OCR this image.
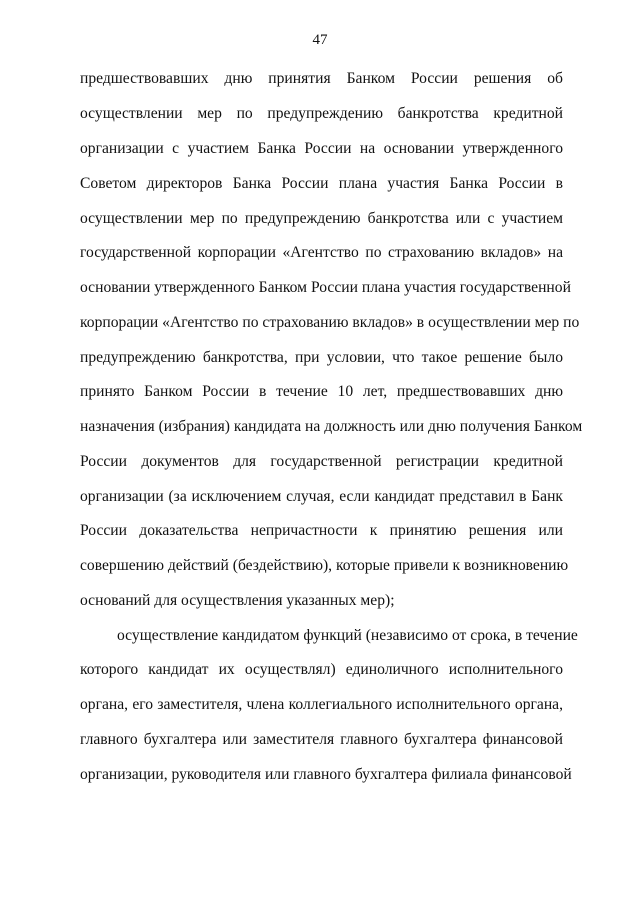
47
предшествовавших дню принятия Банком России решения об
осуществлении мер по предупреждению банкротства кредитной
организации с участием Банка России на основании утвержденного
Советом директоров Банка России плана участия Банка России в
осуществлении мер по предупреждению банкротства или с участием
государственной корпорации «Агентство по страхованию вкладов» на
основании утвержденного Банком России плана участия государственной
корпорации «Агентство по страхованию вкладов» в осуществлении мер по
предупреждению банкротства, при условии, что такое решение было
принято Банком России в течение 10 лет, предшествовавших дню
назначения (избрания) кандидата на должность или дню получения Банком
России документов для государственной регистрации кредитной
организации (за исключением случая, если кандидат представил в Банк
России доказательства непричастности к принятию решения или
совершению действий (бездействию), которые привели к возникновению
оснований для осуществления указанных мер);
осуществление кандидатом функций (независимо от срока, в течение
которого кандидат их осуществлял) единоличного исполнительного
органа, его заместителя, члена коллегиального исполнительного органа,
главного бухгалтера или заместителя главного бухгалтера финансовой
организации, руководителя или главного бухгалтера филиала финансовой
